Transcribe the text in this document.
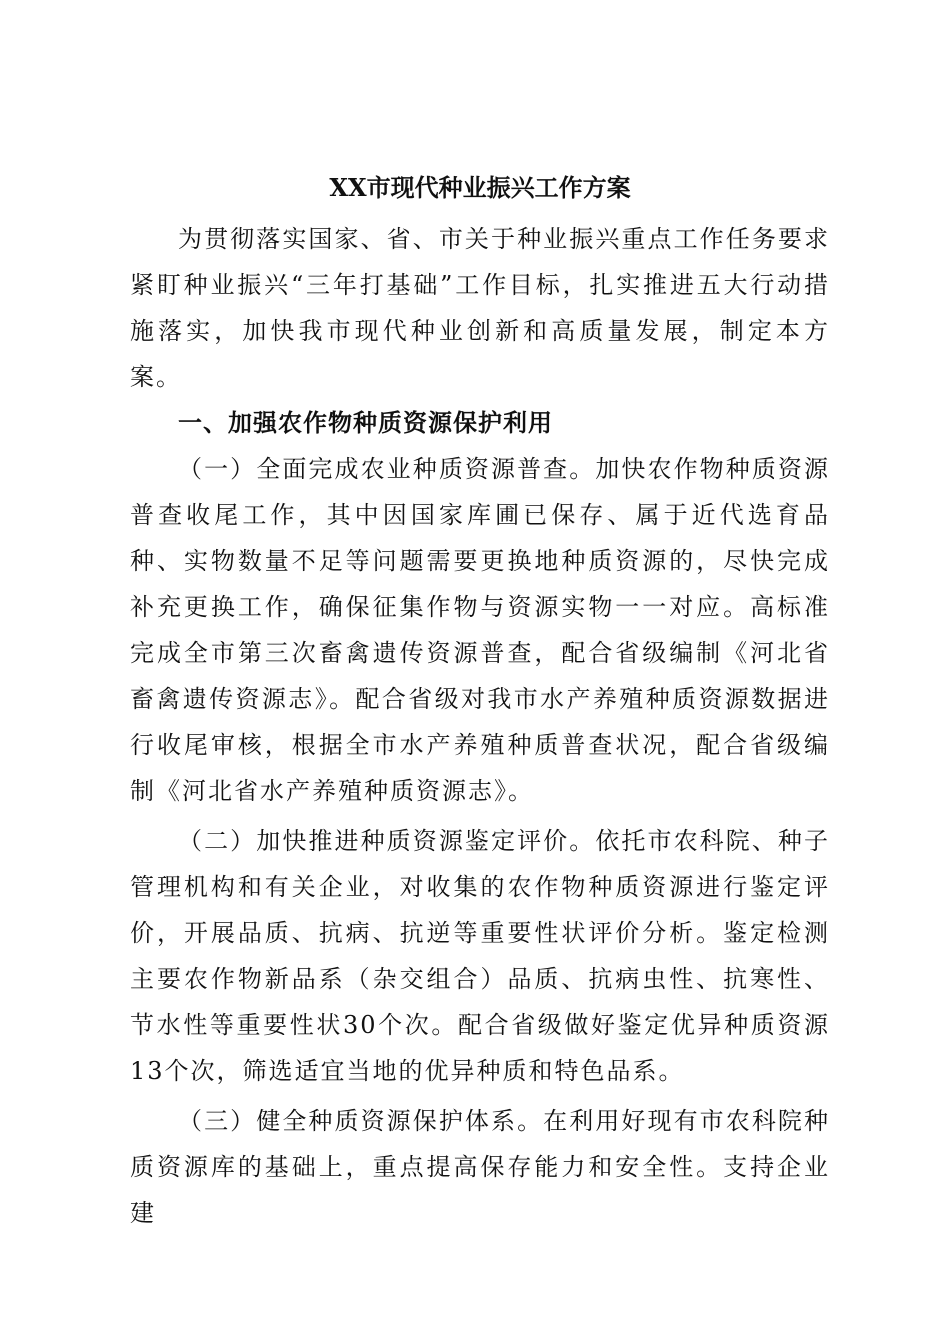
XX市现代种业振兴工作方案

为贯彻落实国家、省、市关于种业振兴重点工作任务要求紧盯种业振兴“三年打基础”工作目标，扎实推进五大行动措施落实，加快我市现代种业创新和高质量发展，制定本方案。

一、加强农作物种质资源保护利用

（一）全面完成农业种质资源普查。加快农作物种质资源普查收尾工作，其中因国家库圃已保存、属于近代选育品种、实物数量不足等问题需要更换地种质资源的，尽快完成补充更换工作，确保征集作物与资源实物一一对应。高标准完成全市第三次畜禽遗传资源普查，配合省级编制《河北省畜禽遗传资源志》。配合省级对我市水产养殖种质资源数据进行收尾审核，根据全市水产养殖种质普查状况，配合省级编制《河北省水产养殖种质资源志》。

（二）加快推进种质资源鉴定评价。依托市农科院、种子管理机构和有关企业，对收集的农作物种质资源进行鉴定评价，开展品质、抗病、抗逆等重要性状评价分析。鉴定检测主要农作物新品系（杂交组合）品质、抗病虫性、抗寒性、节水性等重要性状30个次。配合省级做好鉴定优异种质资源13个次，筛选适宜当地的优异种质和特色品系。

（三）健全种质资源保护体系。在利用好现有市农科院种质资源库的基础上，重点提高保存能力和安全性。支持企业建
